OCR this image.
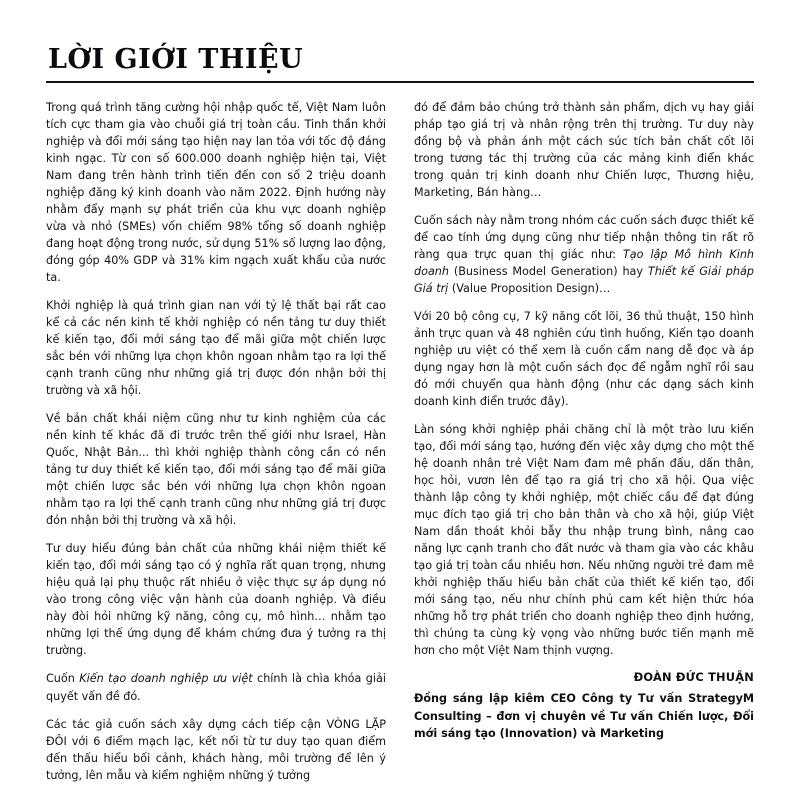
LỜI GIỚI THIỆU

Trong quá trình tăng cường hội nhập quốc tế, Việt Nam luôn tích cực tham gia vào chuỗi giá trị toàn cầu. Tinh thần khởi nghiệp và đổi mới sáng tạo hiện nay lan tỏa với tốc độ đáng kinh ngạc. Từ con số 600.000 doanh nghiệp hiện tại, Việt Nam đang trên hành trình tiến đến con số 2 triệu doanh nghiệp đăng ký kinh doanh vào năm 2022. Định hướng này nhằm đẩy mạnh sự phát triển của khu vực doanh nghiệp vừa và nhỏ (SMEs) vốn chiếm 98% tổng số doanh nghiệp đang hoạt động trong nước, sử dụng 51% số lượng lao động, đóng góp 40% GDP và 31% kim ngạch xuất khẩu của nước ta.

Khởi nghiệp là quá trình gian nan với tỷ lệ thất bại rất cao kể cả các nền kinh tế khởi nghiệp có nền tảng tư duy thiết kế kiến tạo, đổi mới sáng tạo để mãi giữa một chiến lược sắc bén với những lựa chọn khôn ngoan nhằm tạo ra lợi thế cạnh tranh cũng như những giá trị được đón nhận bởi thị trường và xã hội.

Về bản chất khái niệm cũng như tư kinh nghiệm của các nền kinh tế khác đã đi trước trên thế giới như Israel, Hàn Quốc, Nhật Bản... thì khởi nghiệp thành công cần có nền tảng tư duy thiết kế kiến tạo, đổi mới sáng tạo để mãi giữa một chiến lược sắc bén với những lựa chọn khôn ngoan nhằm tạo ra lợi thế cạnh tranh cũng như những giá trị được đón nhận bởi thị trường và xã hội.

Tư duy hiểu đúng bản chất của những khái niệm thiết kế kiến tạo, đổi mới sáng tạo có ý nghĩa rất quan trọng, nhưng hiệu quả lại phụ thuộc rất nhiều ở việc thực sự áp dụng nó vào trong công việc vận hành của doanh nghiệp. Và điều này đòi hỏi những kỹ năng, công cụ, mô hình… nhằm tạo những lợi thế ứng dụng để khám chứng đưa ý tưởng ra thị trường.

Cuốn Kiến tạo doanh nghiệp ưu việt chính là chìa khóa giải quyết vấn đề đó.

Các tác giả cuốn sách xây dựng cách tiếp cận VÒNG LẶP ĐÔI với 6 điểm mạch lạc, kết nối từ tư duy tạo quan điểm đến thấu hiểu bối cảnh, khách hàng, môi trường để lên ý tưởng, lên mẫu và kiểm nghiệm những ý tưởng

đó để đảm bảo chúng trở thành sản phẩm, dịch vụ hay giải pháp tạo giá trị và nhân rộng trên thị trường. Tư duy này đồng bộ và phản ánh một cách súc tích bản chất cốt lõi trong tương tác thị trường của các mảng kinh điển khác trong quản trị kinh doanh như Chiến lược, Thương hiệu, Marketing, Bán hàng…

Cuốn sách này nằm trong nhóm các cuốn sách được thiết kế để cao tính ứng dụng cũng như tiếp nhận thông tin rất rõ ràng qua trực quan thị giác như: Tạo lập Mô hình Kinh doanh (Business Model Generation) hay Thiết kế Giải pháp Giá trị (Value Proposition Design)…

Với 20 bộ công cụ, 7 kỹ năng cốt lõi, 36 thủ thuật, 150 hình ảnh trực quan và 48 nghiên cứu tình huống, Kiến tạo doanh nghiệp ưu việt có thể xem là cuốn cẩm nang dễ đọc và áp dụng ngay hơn là một cuốn sách đọc để ngẫm nghĩ rồi sau đó mới chuyển qua hành động (như các dạng sách kinh doanh kinh điển trước đây).

Làn sóng khởi nghiệp phải chăng chỉ là một trào lưu kiến tạo, đổi mới sáng tạo, hướng đến việc xây dựng cho một thế hệ doanh nhân trẻ Việt Nam đam mê phấn đấu, dấn thân, học hỏi, vươn lên để tạo ra giá trị cho xã hội. Qua việc thành lập công ty khởi nghiệp, một chiếc cầu để đạt đúng mục đích tạo giá trị cho bản thân và cho xã hội, giúp Việt Nam dần thoát khỏi bẫy thu nhập trung bình, nâng cao năng lực cạnh tranh cho đất nước và tham gia vào các khâu tạo giá trị toàn cầu nhiều hơn. Nếu những người trẻ đam mê khởi nghiệp thấu hiểu bản chất của thiết kế kiến tạo, đổi mới sáng tạo, nếu như chính phủ cam kết hiện thức hóa những hỗ trợ phát triển cho doanh nghiệp theo định hướng, thì chúng ta cùng kỳ vọng vào những bước tiến mạnh mẽ hơn cho một Việt Nam thịnh vượng.

ĐOÀN ĐỨC THUẬN
Đồng sáng lập kiêm CEO Công ty Tư vấn StrategyM Consulting – đơn vị chuyên về Tư vấn Chiến lược, Đổi mới sáng tạo (Innovation) và Marketing
